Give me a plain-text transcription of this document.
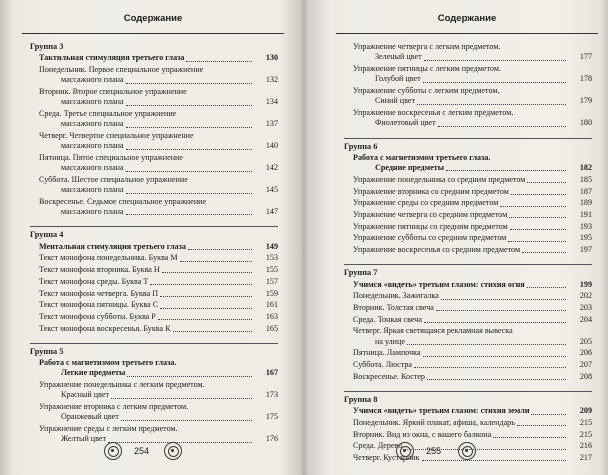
Содержание
Группа 3
Тактильная стимуляция третьего глаза	130
Понедельник. Первое специальное упражнение
массажного плана	132
Вторник. Второе специальное упражнение
массажного плана	134
Среда. Третье специальное упражнение
массажного плана	137
Четверг. Четвертое специальное упражнение
массажного плана	140
Пятница. Пятое специальное упражнение
массажного плана	142
Суббота. Шестое специальное упражнение
массажного плана	145
Воскресенье. Седьмое специальное упражнение
массажного плана	147
Группа 4
Ментальная стимуляция третьего глаза	149
Текст монофона понедельника. Буква М	153
Текст монофона вторника. Буква Н	155
Текст монофона среды. Буква Т	157
Текст монофона четверга. Буква П	159
Текст монофона пятницы. Буква С	161
Текст монофона субботы. Буква Р	163
Текст монофона воскресенья. Буква К	165
Группа 5
Работа с магнетизмом третьего глаза.
Легкие предметы	167
Упражнение понедельника с легким предметом.
Красный цвет	173
Упражнение вторника с легким предметом.
Оранжевый цвет	175
Упражнение среды с легким предметом.
Желтый цвет	176
254
Содержание
Упражнение четверга с легким предметом.
Зеленый цвет	177
Упражнение пятницы с легким предметом.
Голубой цвет	178
Упражнение субботы с легким предметом.
Синий цвет	179
Упражнение воскресенья с легким предметом.
Фиолетовый цвет	180
Группа 6
Работа с магнетизмом третьего глаза.
Средние предметы	182
Упражнение понедельника со средним предметом	185
Упражнение вторника со средним предметом	187
Упражнение среды со средним предметом	189
Упражнение четверга со средним предметом	191
Упражнение пятницы со средним предметом	193
Упражнение субботы со средним предметом	195
Упражнение воскресенья со средним предметом	197
Группа 7
Учимся «видеть» третьим глазом: стихия огня	199
Понедельник. Зажигалка	202
Вторник. Толстая свеча	203
Среда. Тонкая свеча	204
Четверг. Яркая светящаяся рекламная вывеска
на улице	205
Пятница. Лампочка	206
Суббота. Люстра	207
Воскресенье. Костер	208
Группа 8
Учимся «видеть» третьим глазом: стихия земли	209
Понедельник. Яркий плакат, афиша, календарь	215
Вторник. Вид из окна, с вашего балкона	215
Среда. Дерево	216
Четверг. Кустарник	217
255
